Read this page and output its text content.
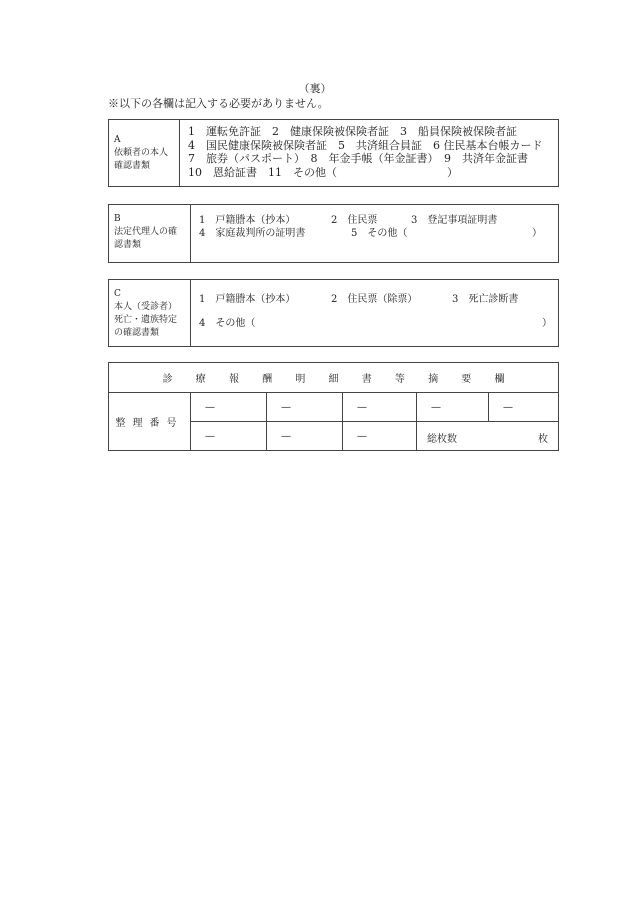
（裏）
※以下の各欄は記入する必要がありません。
A
依頼者の本人
確認書類
1　運転免許証　2　健康保険被保険者証　3　船員保険被保険者証
4　国民健康保険被保険者証　5　共済組合員証　6 住民基本台帳カード
7　旅券（パスポート）　8　年金手帳（年金証書）　9　共済年金証書
10　恩給証書　11　その他（　　　　　　　　　　）
B
法定代理人の確
認書類
1　戸籍謄本（抄本）	2　住民票	3　登記事項証明書
4　家庭裁判所の証明書	5　その他（	）
C
本人（受診者）
死亡・遺族特定
の確認書類
1　戸籍謄本（抄本）	2　住民票（除票）	3　死亡診断書
4　その他（	）
診 療 報 酬 明 細 書 等 摘 要 欄					
整理番号	—	—	—	—	—
	—	—	—	総枚数 枚	
